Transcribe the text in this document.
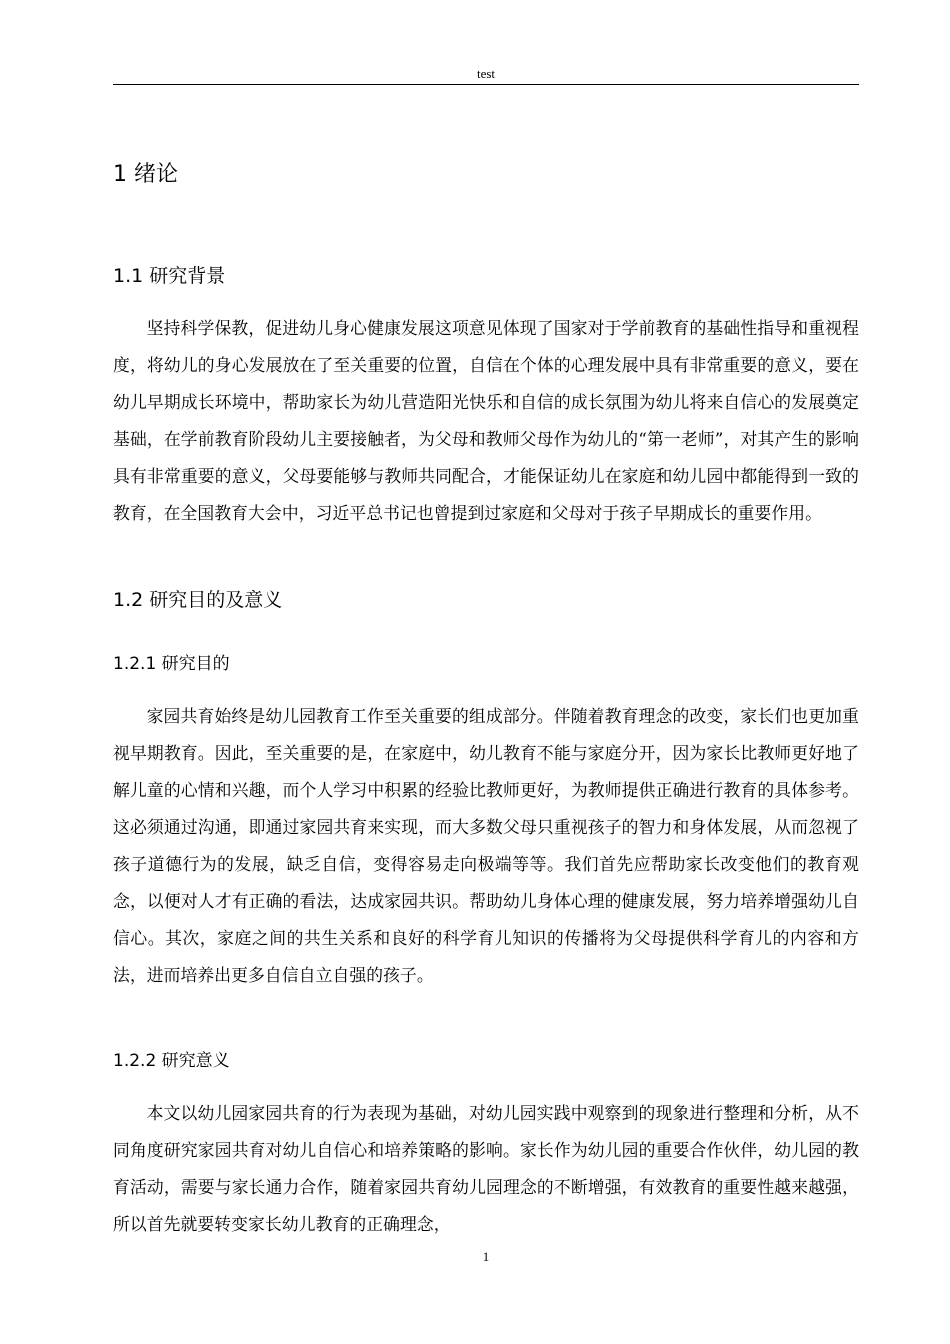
test
1 绪论
1.1 研究背景

坚持科学保教，促进幼儿身心健康发展这项意见体现了国家对于学前教育的基础性指导和重视程度，将幼儿的身心发展放在了至关重要的位置，自信在个体的心理发展中具有非常重要的意义，要在幼儿早期成长环境中，帮助家长为幼儿营造阳光快乐和自信的成长氛围为幼儿将来自信心的发展奠定基础，在学前教育阶段幼儿主要接触者，为父母和教师父母作为幼儿的“第一老师”，对其产生的影响具有非常重要的意义，父母要能够与教师共同配合，才能保证幼儿在家庭和幼儿园中都能得到一致的教育，在全国教育大会中，习近平总书记也曾提到过家庭和父母对于孩子早期成长的重要作用。

1.2 研究目的及意义
1.2.1 研究目的

家园共育始终是幼儿园教育工作至关重要的组成部分。伴随着教育理念的改变，家长们也更加重视早期教育。因此，至关重要的是，在家庭中，幼儿教育不能与家庭分开，因为家长比教师更好地了解儿童的心情和兴趣，而个人学习中积累的经验比教师更好，为教师提供正确进行教育的具体参考。这必须通过沟通，即通过家园共育来实现，而大多数父母只重视孩子的智力和身体发展，从而忽视了孩子道德行为的发展，缺乏自信，变得容易走向极端等等。我们首先应帮助家长改变他们的教育观念，以便对人才有正确的看法，达成家园共识。帮助幼儿身体心理的健康发展，努力培养增强幼儿自信心。其次，家庭之间的共生关系和良好的科学育儿知识的传播将为父母提供科学育儿的内容和方法，进而培养出更多自信自立自强的孩子。

1.2.2 研究意义

本文以幼儿园家园共育的行为表现为基础，对幼儿园实践中观察到的现象进行整理和分析，从不同角度研究家园共育对幼儿自信心和培养策略的影响。家长作为幼儿园的重要合作伙伴，幼儿园的教育活动，需要与家长通力合作，随着家园共育幼儿园理念的不断增强，有效教育的重要性越来越强，所以首先就要转变家长幼儿教育的正确理念，

1
